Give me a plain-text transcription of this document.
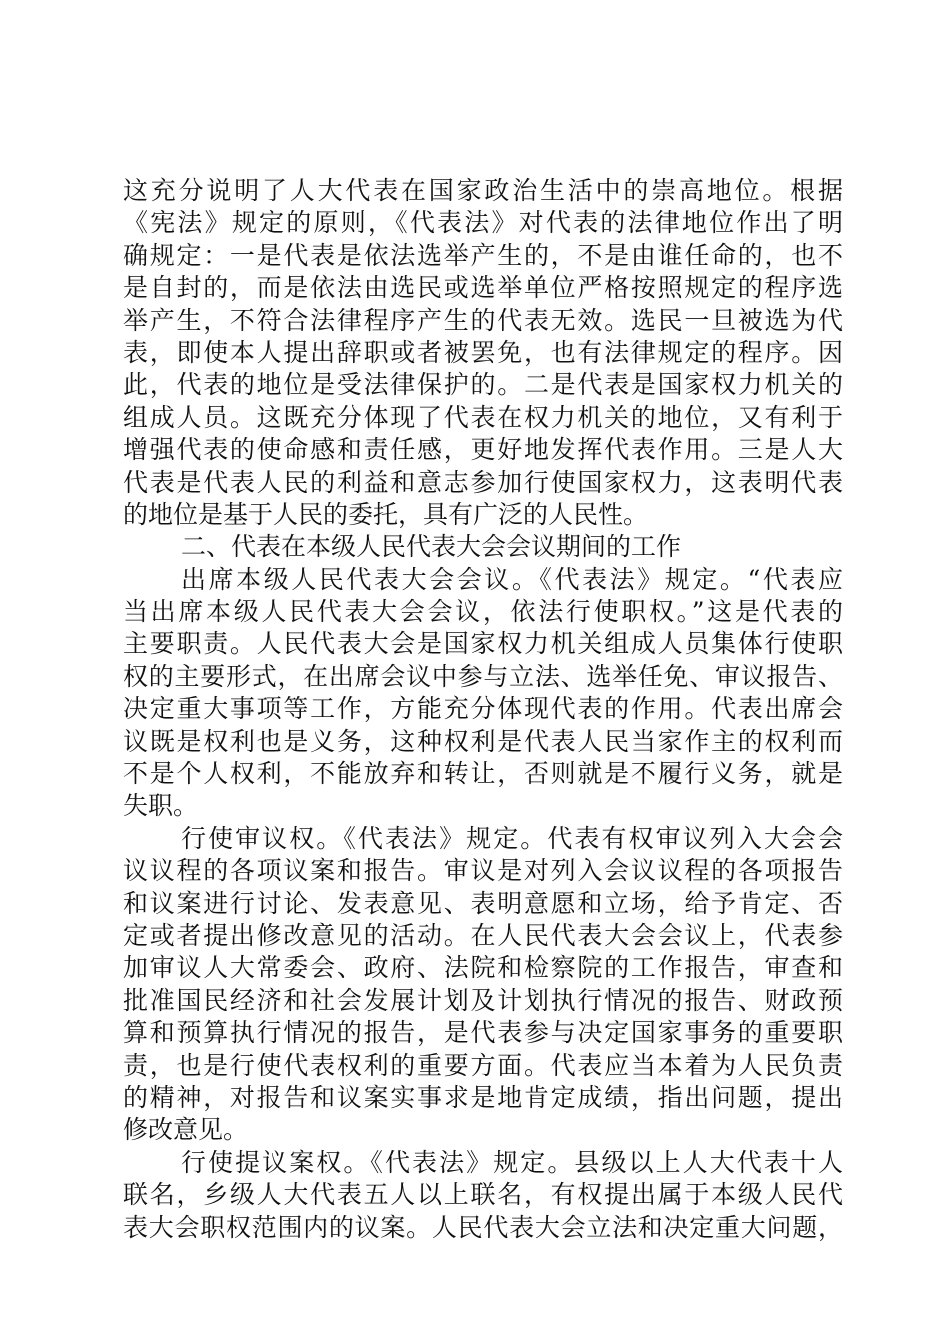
这充分说明了人大代表在国家政治生活中的崇高地位。根据
《宪法》规定的原则，《代表法》对代表的法律地位作出了明
确规定：一是代表是依法选举产生的，不是由谁任命的，也不
是自封的，而是依法由选民或选举单位严格按照规定的程序选
举产生，不符合法律程序产生的代表无效。选民一旦被选为代
表，即使本人提出辞职或者被罢免，也有法律规定的程序。因
此，代表的地位是受法律保护的。二是代表是国家权力机关的
组成人员。这既充分体现了代表在权力机关的地位，又有利于
增强代表的使命感和责任感，更好地发挥代表作用。三是人大
代表是代表人民的利益和意志参加行使国家权力，这表明代表
的地位是基于人民的委托，具有广泛的人民性。
二、代表在本级人民代表大会会议期间的工作
出席本级人民代表大会会议。《代表法》规定。“代表应
当出席本级人民代表大会会议，依法行使职权。”这是代表的
主要职责。人民代表大会是国家权力机关组成人员集体行使职
权的主要形式，在出席会议中参与立法、选举任免、审议报告、
决定重大事项等工作，方能充分体现代表的作用。代表出席会
议既是权利也是义务，这种权利是代表人民当家作主的权利而
不是个人权利，不能放弃和转让，否则就是不履行义务，就是
失职。
行使审议权。《代表法》规定。代表有权审议列入大会会
议议程的各项议案和报告。审议是对列入会议议程的各项报告
和议案进行讨论、发表意见、表明意愿和立场，给予肯定、否
定或者提出修改意见的活动。在人民代表大会会议上，代表参
加审议人大常委会、政府、法院和检察院的工作报告，审查和
批准国民经济和社会发展计划及计划执行情况的报告、财政预
算和预算执行情况的报告，是代表参与决定国家事务的重要职
责，也是行使代表权利的重要方面。代表应当本着为人民负责
的精神，对报告和议案实事求是地肯定成绩，指出问题，提出
修改意见。
行使提议案权。《代表法》规定。县级以上人大代表十人
联名，乡级人大代表五人以上联名，有权提出属于本级人民代
表大会职权范围内的议案。人民代表大会立法和决定重大问题，
